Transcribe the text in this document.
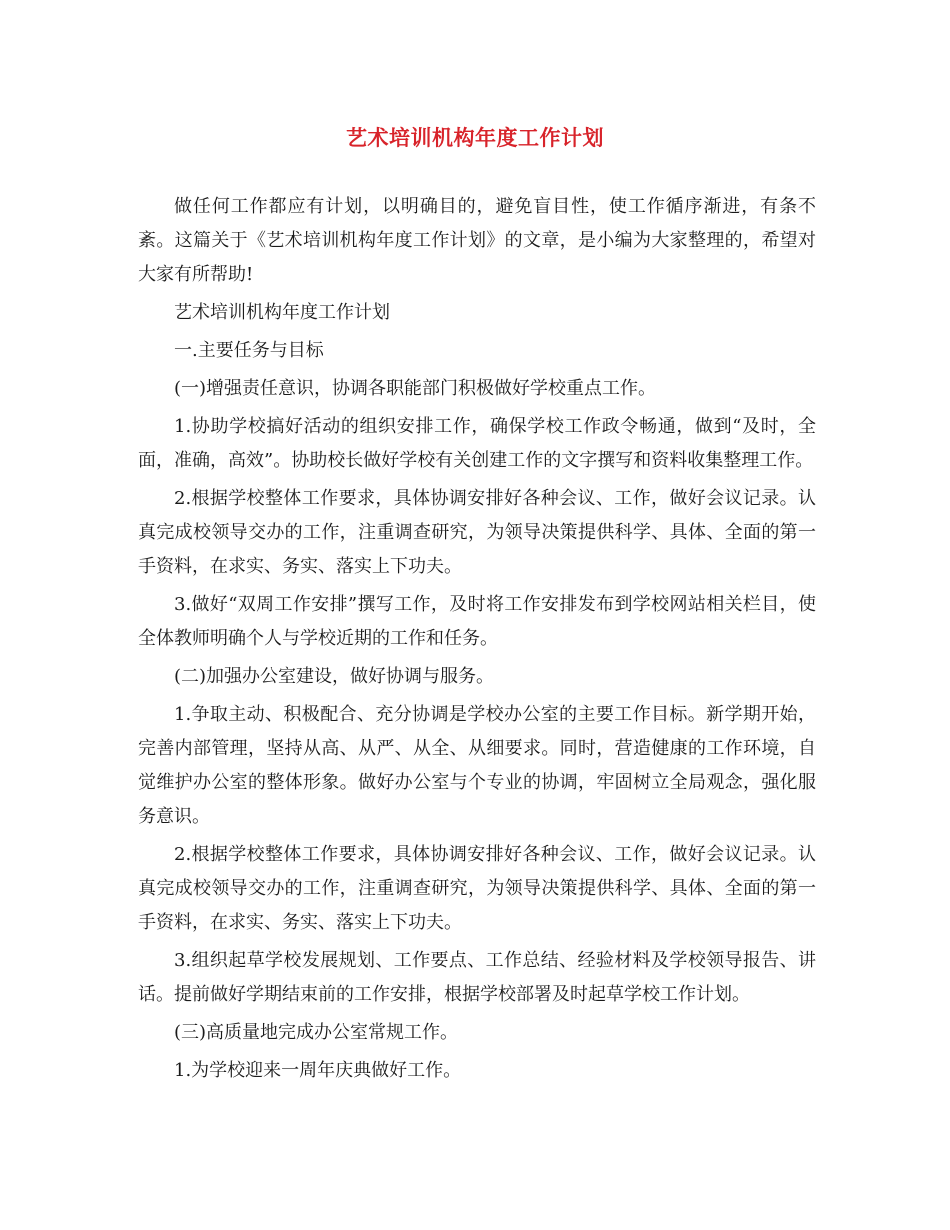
艺术培训机构年度工作计划

做任何工作都应有计划，以明确目的，避免盲目性，使工作循序渐进，有条不紊。这篇关于《艺术培训机构年度工作计划》的文章，是小编为大家整理的，希望对大家有所帮助!

艺术培训机构年度工作计划

一.主要任务与目标

(一)增强责任意识，协调各职能部门积极做好学校重点工作。

1.协助学校搞好活动的组织安排工作，确保学校工作政令畅通，做到“及时，全面，准确，高效”。协助校长做好学校有关创建工作的文字撰写和资料收集整理工作。

2.根据学校整体工作要求，具体协调安排好各种会议、工作，做好会议记录。认真完成校领导交办的工作，注重调查研究，为领导决策提供科学、具体、全面的第一手资料，在求实、务实、落实上下功夫。

3.做好“双周工作安排”撰写工作，及时将工作安排发布到学校网站相关栏目，使全体教师明确个人与学校近期的工作和任务。

(二)加强办公室建设，做好协调与服务。

1.争取主动、积极配合、充分协调是学校办公室的主要工作目标。新学期开始，完善内部管理，坚持从高、从严、从全、从细要求。同时，营造健康的工作环境，自觉维护办公室的整体形象。做好办公室与个专业的协调，牢固树立全局观念，强化服务意识。

2.根据学校整体工作要求，具体协调安排好各种会议、工作，做好会议记录。认真完成校领导交办的工作，注重调查研究，为领导决策提供科学、具体、全面的第一手资料，在求实、务实、落实上下功夫。

3.组织起草学校发展规划、工作要点、工作总结、经验材料及学校领导报告、讲话。提前做好学期结束前的工作安排，根据学校部署及时起草学校工作计划。

(三)高质量地完成办公室常规工作。

1.为学校迎来一周年庆典做好工作。
